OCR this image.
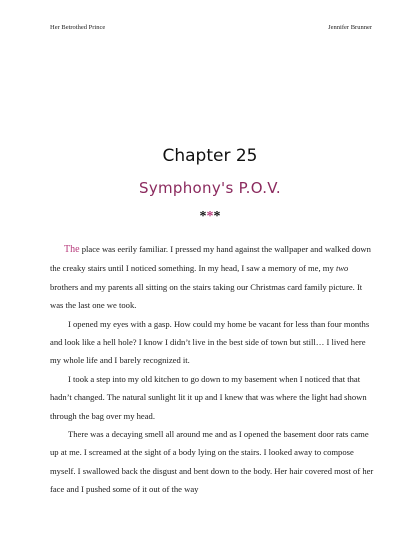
Her Betrothed Prince	Jennifer Brunner
Chapter 25
Symphony's P.O.V.
***

The place was eerily familiar. I pressed my hand against the wallpaper and walked down the creaky stairs until I noticed something. In my head, I saw a memory of me, my two brothers and my parents all sitting on the stairs taking our Christmas card family picture. It was the last one we took.

I opened my eyes with a gasp. How could my home be vacant for less than four months and look like a hell hole? I know I didn’t live in the best side of town but still… I lived here my whole life and I barely recognized it.

I took a step into my old kitchen to go down to my basement when I noticed that that hadn’t changed. The natural sunlight lit it up and I knew that was where the light had shown through the bag over my head.

There was a decaying smell all around me and as I opened the basement door rats came up at me. I screamed at the sight of a body lying on the stairs. I looked away to compose myself. I swallowed back the disgust and bent down to the body. Her hair covered most of her face and I pushed some of it out of the way
